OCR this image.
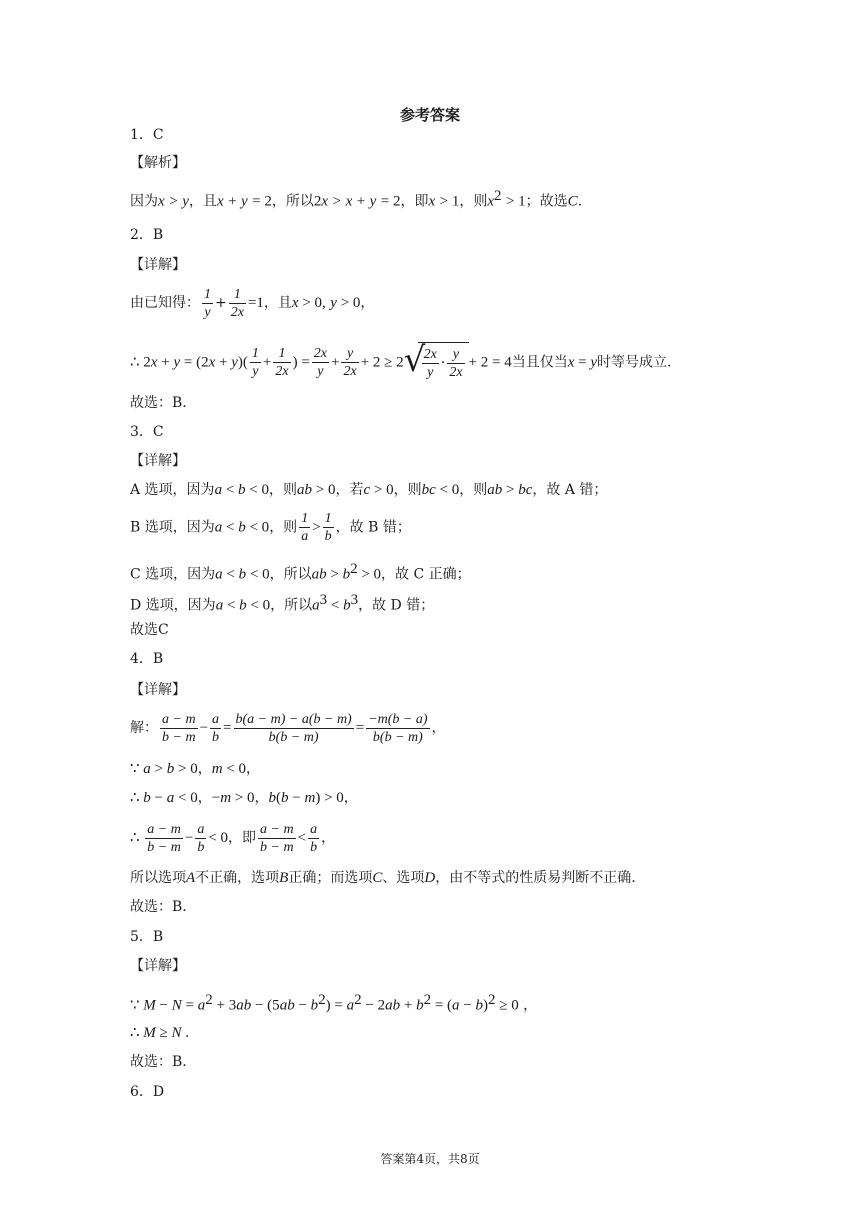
参考答案
1．C
【解析】
因为x > y，且x + y = 2，所以2x > x + y = 2，即x > 1，则$x^2 > 1$；故选C.
2．B
【详解】
由已知得： $\frac{1}{y} + \frac{1}{2x} =1$，且x > 0, y > 0，
∴ $2x + y = (2x + y)( \frac{1}{y} + \frac{1}{2x}$ ) = $\frac{2x}{y} + \frac{y}{2x} + 2 \ge 2$ √
$\frac{2x}{y} \cdot \frac{y}{2x} + 2 = 4$当且仅当x = y时等号成立.
故选：B.
3．C
【详解】
A 选项，因为a < b < 0，则ab > 0，若c > 0，则bc < 0，则ab > bc，故 A 错；
B 选项，因为a < b < 0，则 $\frac{1}{a} > \frac{1}{b}$ ，故 B 错；
C 选项，因为a < b < 0，所以ab > $b^2 > 0$，故 C 正确；
D 选项，因为a < b < 0，所以$a^3 < b^3$，故 D 错；
故选C
4．B
【详解】
解： $\frac{a - m}{b - m} - \frac{a}{b} = \frac{b(a - m) - a(b - m)}{b(b - m)} = \frac{-m(b - a)}{b(b - m)}$ ，
∵ a > b > 0，m < 0，
∴ b − a < 0，−m > 0，b(b − m) > 0，
∴ $\frac{a - m}{b - m} - \frac{a}{b} < 0$，即 $\frac{a - m}{b - m} < \frac{a}{b}$ ，
所以选项A不正确，选项B正确；而选项C、选项D，由不等式的性质易判断不正确.
故选：B.
5．B
【详解】
∵ $M - N = a^2 + 3ab - (5ab - b^2) = a^2 - 2ab + b^2 = (a - b)^2 \ge 0$ ，
∴ M ≥ N .
故选：B.
6．D
答案第4页，共8页
